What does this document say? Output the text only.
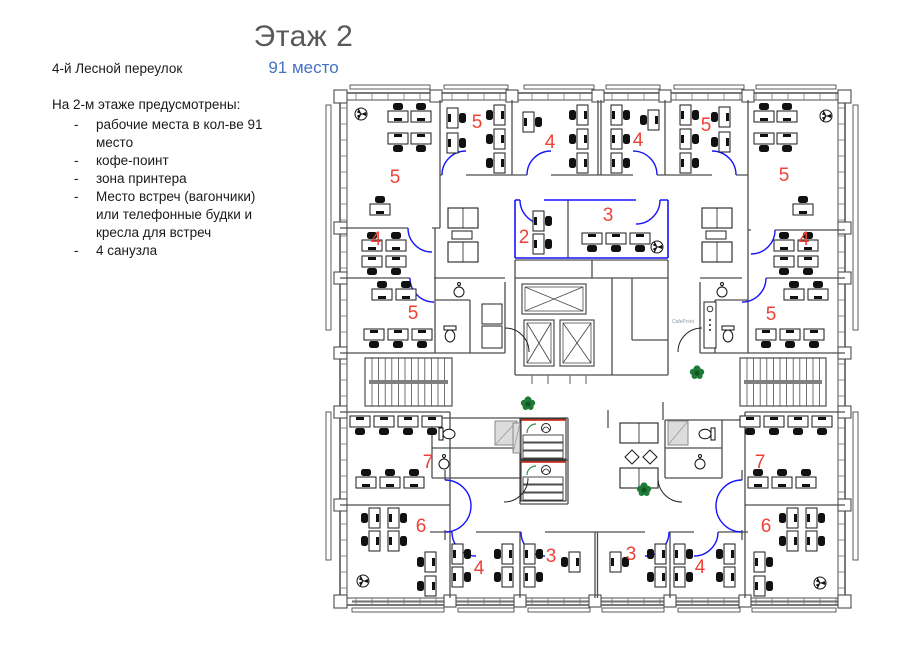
Этаж 2
91 место
4-й Лесной переулок
На 2-м этаже предусмотрены:
-	рабочие места в кол-ве 91 место
-	кофе-поинт
-	зона принтера
-	Место встреч (вагончики) или телефонные будки и кресла для встреч
-	4 санузла
5
5
4	4
5
5
4	2
3
4
5	5
7	7
6	6
4
3	3
4
CafePoint
